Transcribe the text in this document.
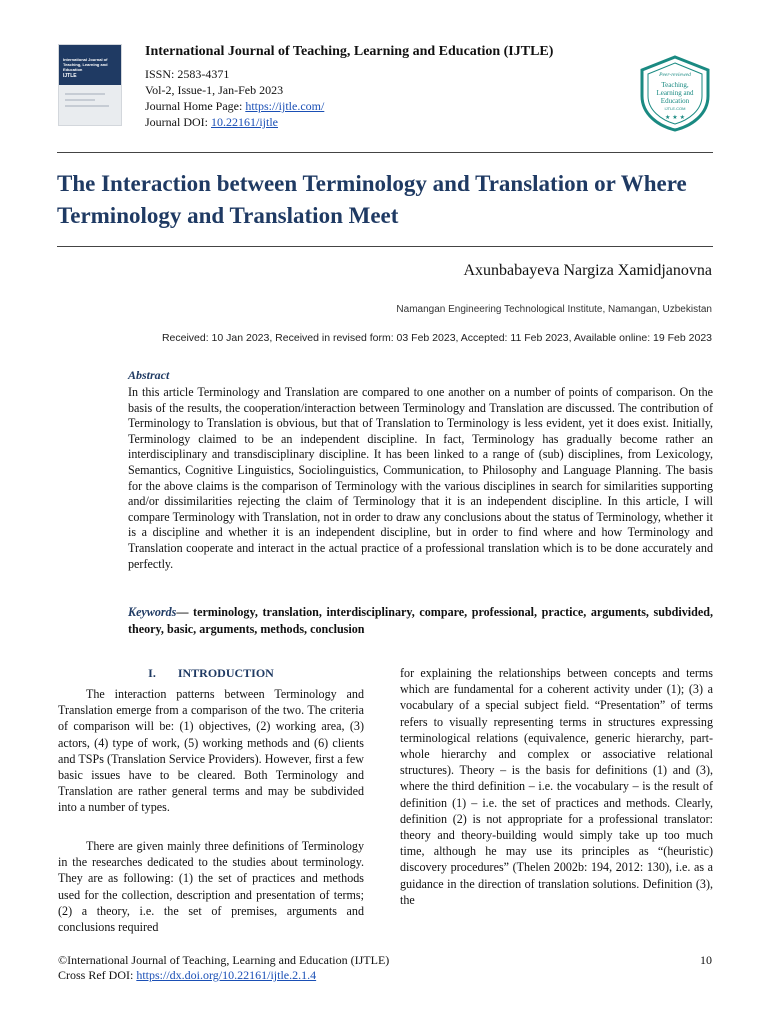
International Journal of Teaching, Learning and Education
IJTLE
International Journal of Teaching, Learning and Education (IJTLE)
ISSN: 2583-4371
Vol-2, Issue-1, Jan-Feb 2023
Journal Home Page: https://ijtle.com/
Journal DOI: 10.22161/ijtle
Peer-reviewed
Teaching,
Learning and
Education
IJTLE.COM
★ ★ ★
The Interaction between Terminology and Translation or Where Terminology and Translation Meet
Axunbabayeva Nargiza Xamidjanovna
Namangan Engineering Technological Institute, Namangan, Uzbekistan
Received: 10 Jan 2023, Received in revised form: 03 Feb 2023, Accepted: 11 Feb 2023, Available online: 19 Feb 2023
Abstract
In this article Terminology and Translation are compared to one another on a number of points of comparison. On the basis of the results, the cooperation/interaction between Terminology and Translation are discussed. The contribution of Terminology to Translation is obvious, but that of Translation to Terminology is less evident, yet it does exist. Initially, Terminology claimed to be an independent discipline. In fact, Terminology has gradually become rather an interdisciplinary and transdisciplinary discipline. It has been linked to a range of (sub) disciplines, from Lexicology, Semantics, Cognitive Linguistics, Sociolinguistics, Communication, to Philosophy and Language Planning. The basis for the above claims is the comparison of Terminology with the various disciplines in search for similarities supporting and/or dissimilarities rejecting the claim of Terminology that it is an independent discipline. In this article, I will compare Terminology with Translation, not in order to draw any conclusions about the status of Terminology, whether it is a discipline and whether it is an independent discipline, but in order to find where and how Terminology and Translation cooperate and interact in the actual practice of a professional translation which is to be done accurately and perfectly.
Keywords— terminology, translation, interdisciplinary, compare, professional, practice, arguments, subdivided, theory, basic, arguments, methods, conclusion
I. INTRODUCTION
The interaction patterns between Terminology and Translation emerge from a comparison of the two. The criteria of comparison will be: (1) objectives, (2) working area, (3) actors, (4) type of work, (5) working methods and (6) clients and TSPs (Translation Service Providers). However, first a few basic issues have to be cleared. Both Terminology and Translation are rather general terms and may be subdivided into a number of types.
There are given mainly three definitions of Terminology in the researches dedicated to the studies about terminology. They are as following: (1) the set of practices and methods used for the collection, description and presentation of terms; (2) a theory, i.e. the set of premises, arguments and conclusions required
for explaining the relationships between concepts and terms which are fundamental for a coherent activity under (1); (3) a vocabulary of a special subject field. “Presentation” of terms refers to visually representing terms in structures expressing terminological relations (equivalence, generic hierarchy, part-whole hierarchy and complex or associative relational structures). Theory – is the basis for definitions (1) and (3), where the third definition – i.e. the vocabulary – is the result of definition (1) – i.e. the set of practices and methods. Clearly, definition (2) is not appropriate for a professional translator: theory and theory-building would simply take up too much time, although he may use its principles as “(heuristic) discovery procedures” (Thelen 2002b: 194, 2012: 130), i.e. as a guidance in the direction of translation solutions. Definition (3), the
©International Journal of Teaching, Learning and Education (IJTLE)
Cross Ref DOI: https://dx.doi.org/10.22161/ijtle.2.1.4
10
